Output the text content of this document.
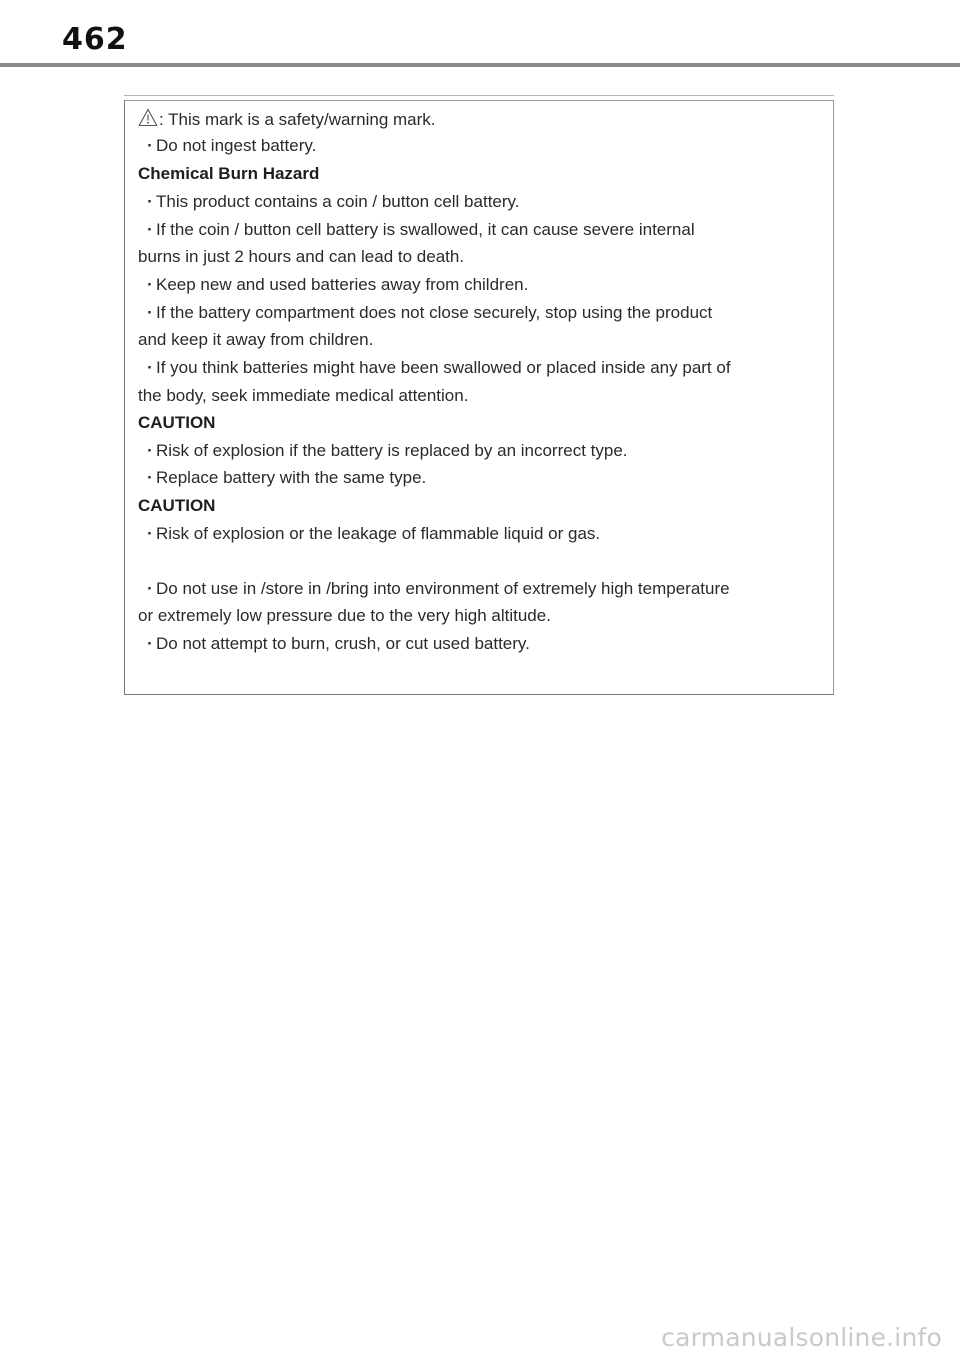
462

: This mark is a safety/warning mark.

· Do not ingest battery.

Chemical Burn Hazard

· This product contains a coin / button cell battery.

· If the coin / button cell battery is swallowed, it can cause severe internal

burns in just 2 hours and can lead to death.

· Keep new and used batteries away from children.

· If the battery compartment does not close securely, stop using the product

and keep it away from children.

· If you think batteries might have been swallowed or placed inside any part of

the body, seek immediate medical attention.

CAUTION

· Risk of explosion if the battery is replaced by an incorrect type.

· Replace battery with the same type.

CAUTION

· Risk of explosion or the leakage of flammable liquid or gas.

· Do not use in /store in /bring into environment of extremely high temperature

or extremely low pressure due to the very high altitude.

· Do not attempt to burn, crush, or cut used battery.

carmanualsonline.info
